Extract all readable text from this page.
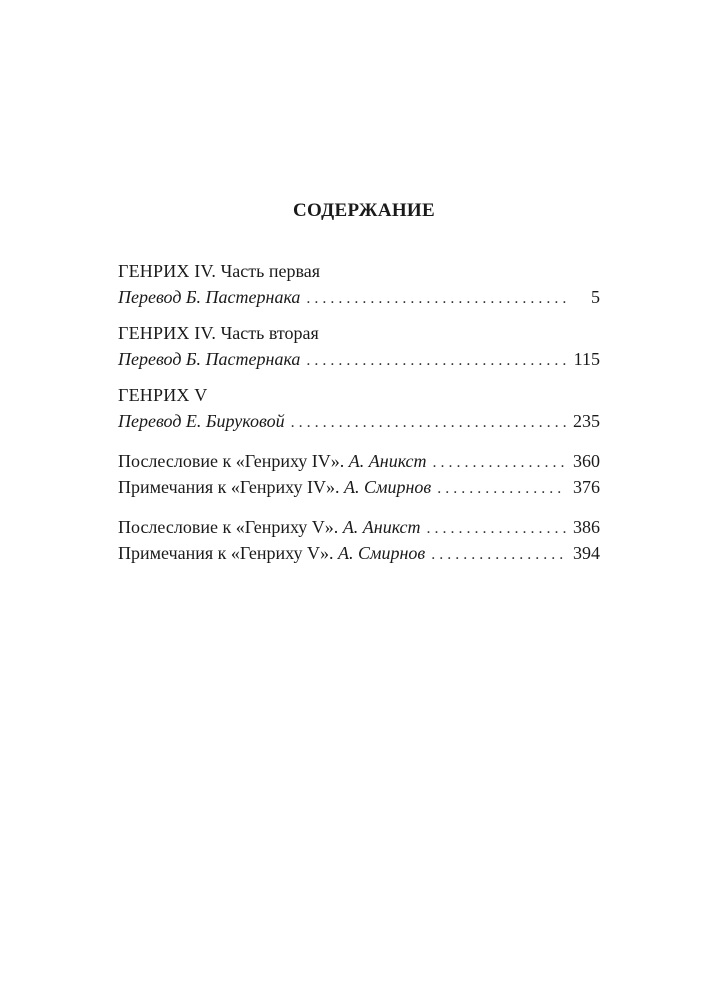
СОДЕРЖАНИЕ
ГЕНРИХ IV. Часть первая
Перевод Б. Пастернака . . .	5
ГЕНРИХ IV. Часть вторая
Перевод Б. Пастернака . . .	115
ГЕНРИХ V
Перевод Е. Бируковой . . .	235
Послесловие к «Генриху IV». А. Аникст . . .	360
Примечания к «Генриху IV». А. Смирнов . . .	376
Послесловие к «Генриху V». А. Аникст . . .	386
Примечания к «Генриху V». А. Смирнов . . .	394
